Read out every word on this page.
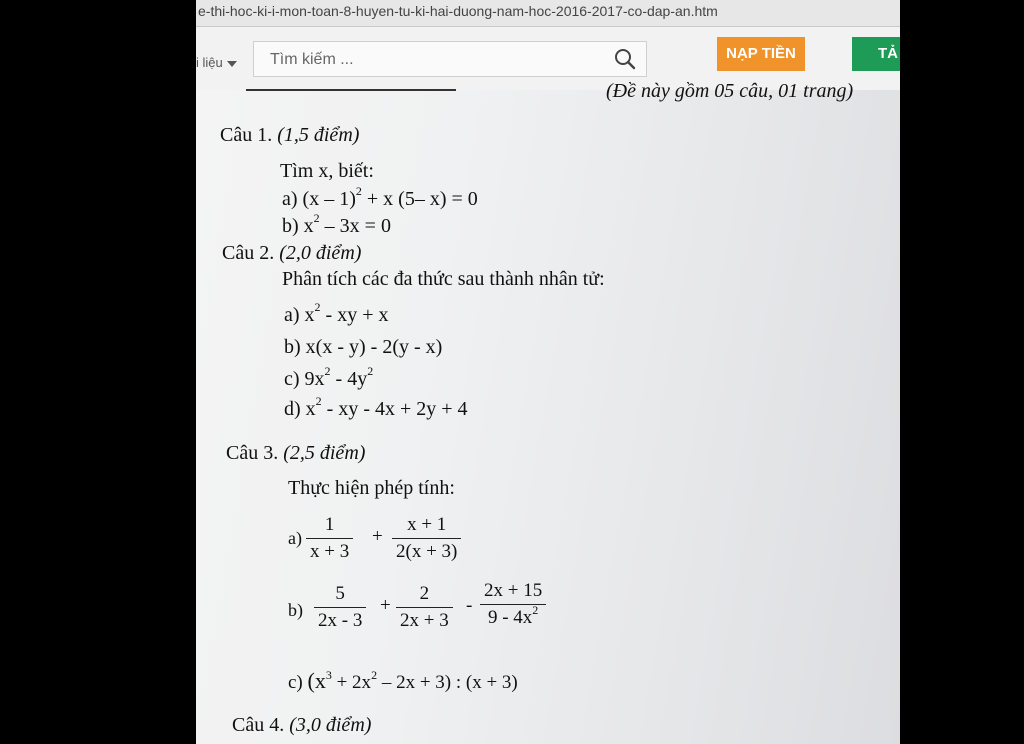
e-thi-hoc-ki-i-mon-toan-8-huyen-tu-ki-hai-duong-nam-hoc-2016-2017-co-dap-an.htm
i liệu
Tìm kiếm ...
NẠP TIỀN	TẢ
(Đề này gồm 05 câu, 01 trang)
Câu 1. (1,5 điểm)
Tìm x, biết:
a) (x – 1)$^2$ + x (5– x) = 0
b) $x^2 - 3x = 0$
Câu 2. (2,0 điểm)
Phân tích các đa thức sau thành nhân tử:
a) $x^2$ - xy + x
b) x(x - y) - 2(y - x)
c) $9x^2 - 4y^2$
d) $x^2$ - xy - 4x + 2y + 4
Câu 3. (2,5 điểm)
Thực hiện phép tính:
a)
1
x + 3
+
x + 1
2(x + 3)
b)
5
2x - 3
+
2
2x + 3
-
2x + 15
$9 - 4x^2$
c) $(x^3 + 2x^2 - 2x + 3)$ : (x + 3)
Câu 4. (3,0 điểm)
